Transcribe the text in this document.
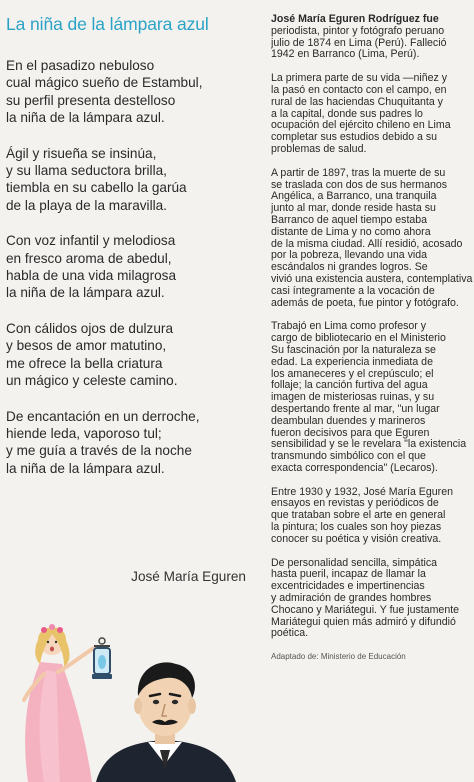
La niña de la lámpara azul
En el pasadizo nebuloso
cual mágico sueño de Estambul,
su perfil presenta destelloso
la niña de la lámpara azul.
Ágil y risueña se insinúa,
y su llama seductora brilla,
tiembla en su cabello la garúa
de la playa de la maravilla.
Con voz infantil y melodiosa
en fresco aroma de abedul,
habla de una vida milagrosa
la niña de la lámpara azul.
Con cálidos ojos de dulzura
y besos de amor matutino,
me ofrece la bella criatura
un mágico y celeste camino.
De encantación en un derroche,
hiende leda, vaporoso tul;
y me guía a través de la noche
la niña de la lámpara azul.
José María Eguren

José María Eguren Rodríguez fue
periodista, pintor y fotógrafo peruano
julio de 1874 en Lima (Perú). Falleció
1942 en Barranco (Lima, Perú).

La primera parte de su vida —niñez y
la pasó en contacto con el campo, en
rural de las haciendas Chuquitanta y
a la capital, donde sus padres lo
ocupación del ejército chileno en Lima
completar sus estudios debido a su
problemas de salud.

A partir de 1897, tras la muerte de su
se traslada con dos de sus hermanos
Angélica, a Barranco, una tranquila
junto al mar, donde reside hasta su
Barranco de aquel tiempo estaba
distante de Lima y no como ahora
de la misma ciudad. Allí residió, acosado
por la pobreza, llevando una vida
escándalos ni grandes logros. Se
vivió una existencia austera, contemplativa
casi íntegramente a la vocación de
además de poeta, fue pintor y fotógrafo.

Trabajó en Lima como profesor y
cargo de bibliotecario en el Ministerio
Su fascinación por la naturaleza se
edad. La experiencia inmediata de
los amaneceres y el crepúsculo; el
follaje; la canción furtiva del agua
imagen de misteriosas ruinas, y su
despertando frente al mar, "un lugar
deambulan duendes y marineros
fueron decisivos para que Eguren
sensibilidad y se le revelara "la existencia
transmundo simbólico con el que
exacta correspondencia" (Lecaros).

Entre 1930 y 1932, José María Eguren
ensayos en revistas y periódicos de
que trataban sobre el arte en general
la pintura; los cuales son hoy piezas
conocer su poética y visión creativa.

De personalidad sencilla, simpática
hasta pueril, incapaz de llamar la
excentricidades e impertinencias
y admiración de grandes hombres
Chocano y Mariátegui. Y fue justamente
Mariátegui quien más admiró y difundió
poética.

Adaptado de: Ministerio de Educación
